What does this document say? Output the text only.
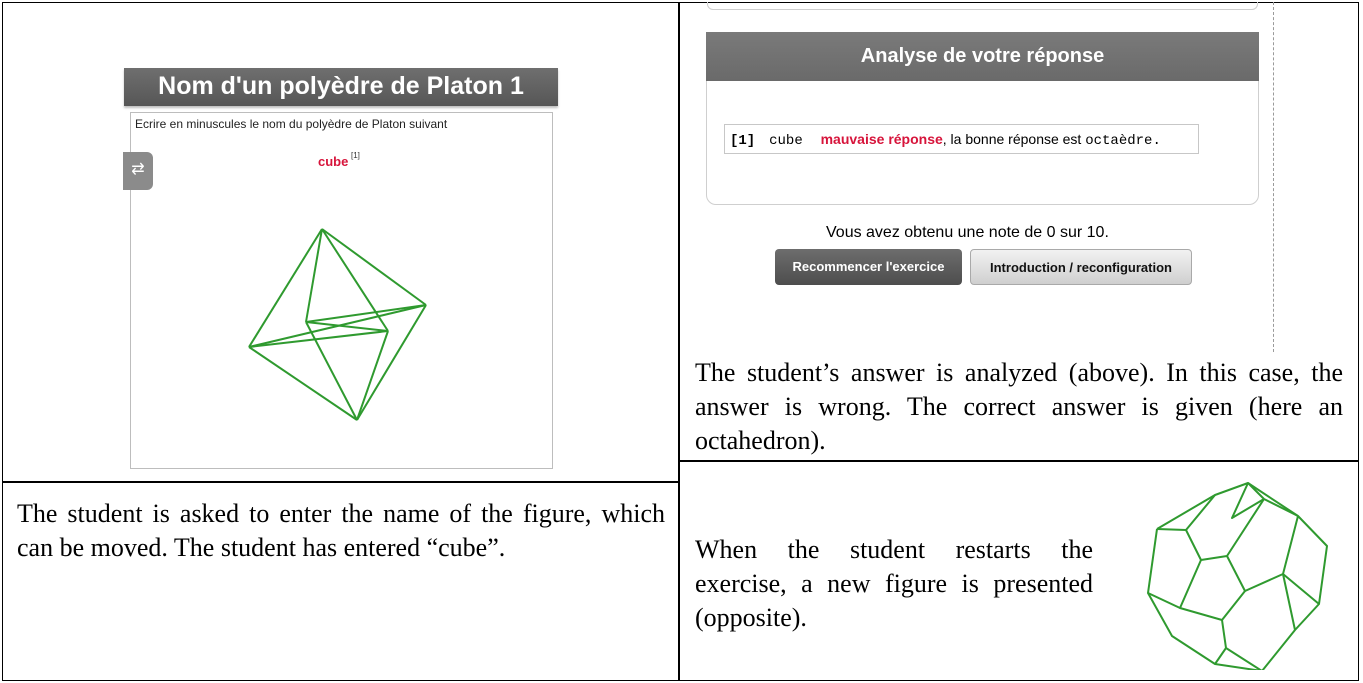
Nom d'un polyèdre de Platon 1
Ecrire en minuscules le nom du polyèdre de Platon suivant
cube [1]
⇄
The student is asked to enter the name of the figure, which can be moved. The student has entered “cube”.
Analyse de votre réponse
[1] cube mauvaise réponse, la bonne réponse est octaèdre.
Vous avez obtenu une note de 0 sur 10.
Recommencer l'exercice	Introduction / reconfiguration
The student’s answer is analyzed (above). In this case, the answer is wrong. The correct answer is given (here an octahedron).
When the student restarts the exercise, a new figure is presented (opposite).
